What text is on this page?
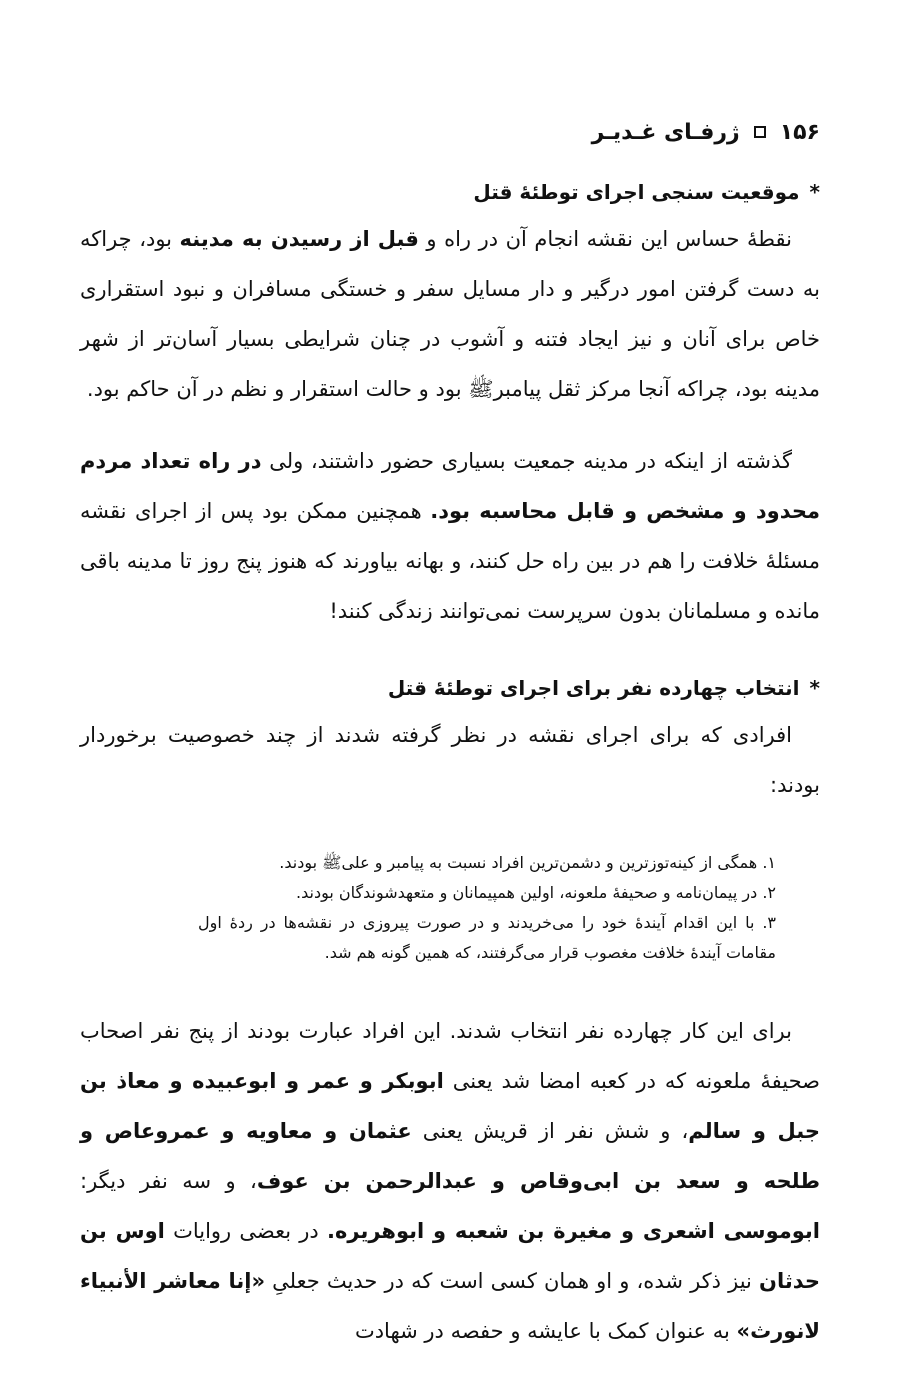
۱۵۶
ژرفـای غـدیـر
*موقعیت سنجی اجرای توطئهٔ قتل

نقطهٔ حساس این نقشه انجام آن در راه و قبل از رسیدن به مدینه بود، چراکه به دست گرفتن امور درگیر و دار مسایل سفر و خستگی مسافران و نبود استقراری خاص برای آنان و نیز ایجاد فتنه و آشوب در چنان شرایطی بسیار آسان‌تر از شهر مدینه بود، چراکه آنجا مرکز ثقل پیامبرﷺ بود و حالت استقرار و نظم در آن حاکم بود.

گذشته از اینکه در مدینه جمعیت بسیاری حضور داشتند، ولی در راه تعداد مردم محدود و مشخص و قابل محاسبه بود. همچنین ممکن بود پس از اجرای نقشه مسئلهٔ خلافت را هم در بین راه حل کنند، و بهانه بیاورند که هنوز پنج روز تا مدینه باقی مانده و مسلمانان بدون سرپرست نمی‌توانند زندگی کنند!

*انتخاب چهارده نفر برای اجرای توطئهٔ قتل

افرادی که برای اجرای نقشه در نظر گرفته شدند از چند خصوصیت برخوردار بودند:

۱. همگی از کینه‌توزترین و دشمن‌ترین افراد نسبت به پیامبر و علیﷺ بودند.
۲. در پیمان‌نامه و صحیفهٔ ملعونه، اولین همپیمانان و متعهدشوندگان بودند.
۳. با این اقدام آیندهٔ خود را می‌خریدند و در صورت پیروزی در نقشه‌ها در ردهٔ اول مقامات آیندهٔ خلافت مغصوب قرار می‌گرفتند، که همین گونه هم شد.

برای این کار چهارده نفر انتخاب شدند. این افراد عبارت بودند از پنج نفر اصحاب صحیفهٔ ملعونه که در کعبه امضا شد یعنی ابوبکر و عمر و ابوعبیده و معاذ بن جبل و سالم، و شش نفر از قریش یعنی عثمان و معاویه و عمروعاص و طلحه و سعد بن ابی‌وقاص و عبدالرحمن بن عوف، و سه نفر دیگر: ابوموسی اشعری و مغیرة بن شعبه و ابوهریره. در بعضی روایات اوس بن حدثان نیز ذکر شده، و او همان کسی است که در حدیث جعلیِ «إنا معاشر الأنبیاء لانورث» به عنوان کمک با عایشه و حفصه در شهادت
